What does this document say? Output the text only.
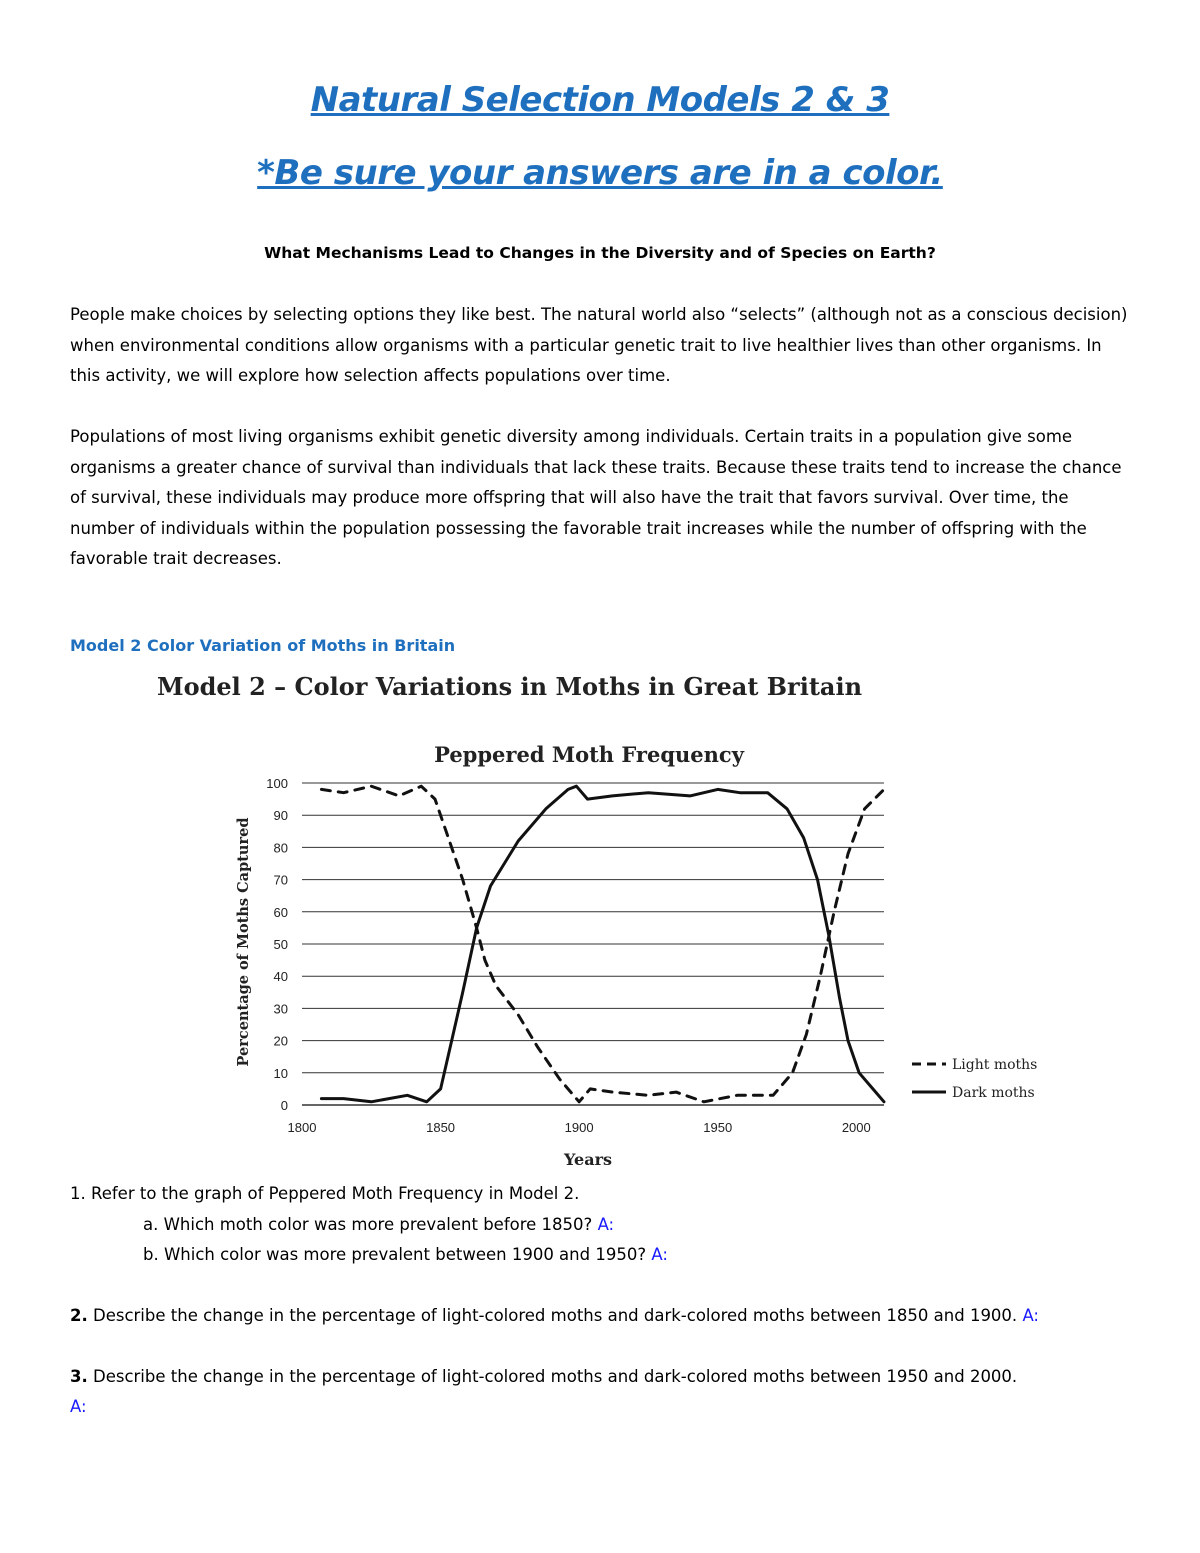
Natural Selection Models 2 & 3
*Be sure your answers are in a color.
What Mechanisms Lead to Changes in the Diversity and of Species on Earth?
People make choices by selecting options they like best. The natural world also “selects” (although not as a conscious decision) when environmental conditions allow organisms with a particular genetic trait to live healthier lives than other organisms. In this activity, we will explore how selection affects populations over time.
Populations of most living organisms exhibit genetic diversity among individuals. Certain traits in a population give some organisms a greater chance of survival than individuals that lack these traits. Because these traits tend to increase the chance of survival, these individuals may produce more offspring that will also have the trait that favors survival. Over time, the number of individuals within the population possessing the favorable trait increases while the number of offspring with the favorable trait decreases.
Model 2 Color Variation of Moths in Britain
Model 2 – Color Variations in Moths in Great Britain
Peppered Moth Frequency
0
10
20
30
40
50
60
70
80
90
100
1800	1850	1900	1950	2000
Percentage of Moths Captured
Years
Light moths
Dark moths
1. Refer to the graph of Peppered Moth Frequency in Model 2.
a. Which moth color was more prevalent before 1850? A:
b. Which color was more prevalent between 1900 and 1950? A:
2. Describe the change in the percentage of light-colored moths and dark-colored moths between 1850 and 1900. A:
3. Describe the change in the percentage of light-colored moths and dark-colored moths between 1950 and 2000.
A:
